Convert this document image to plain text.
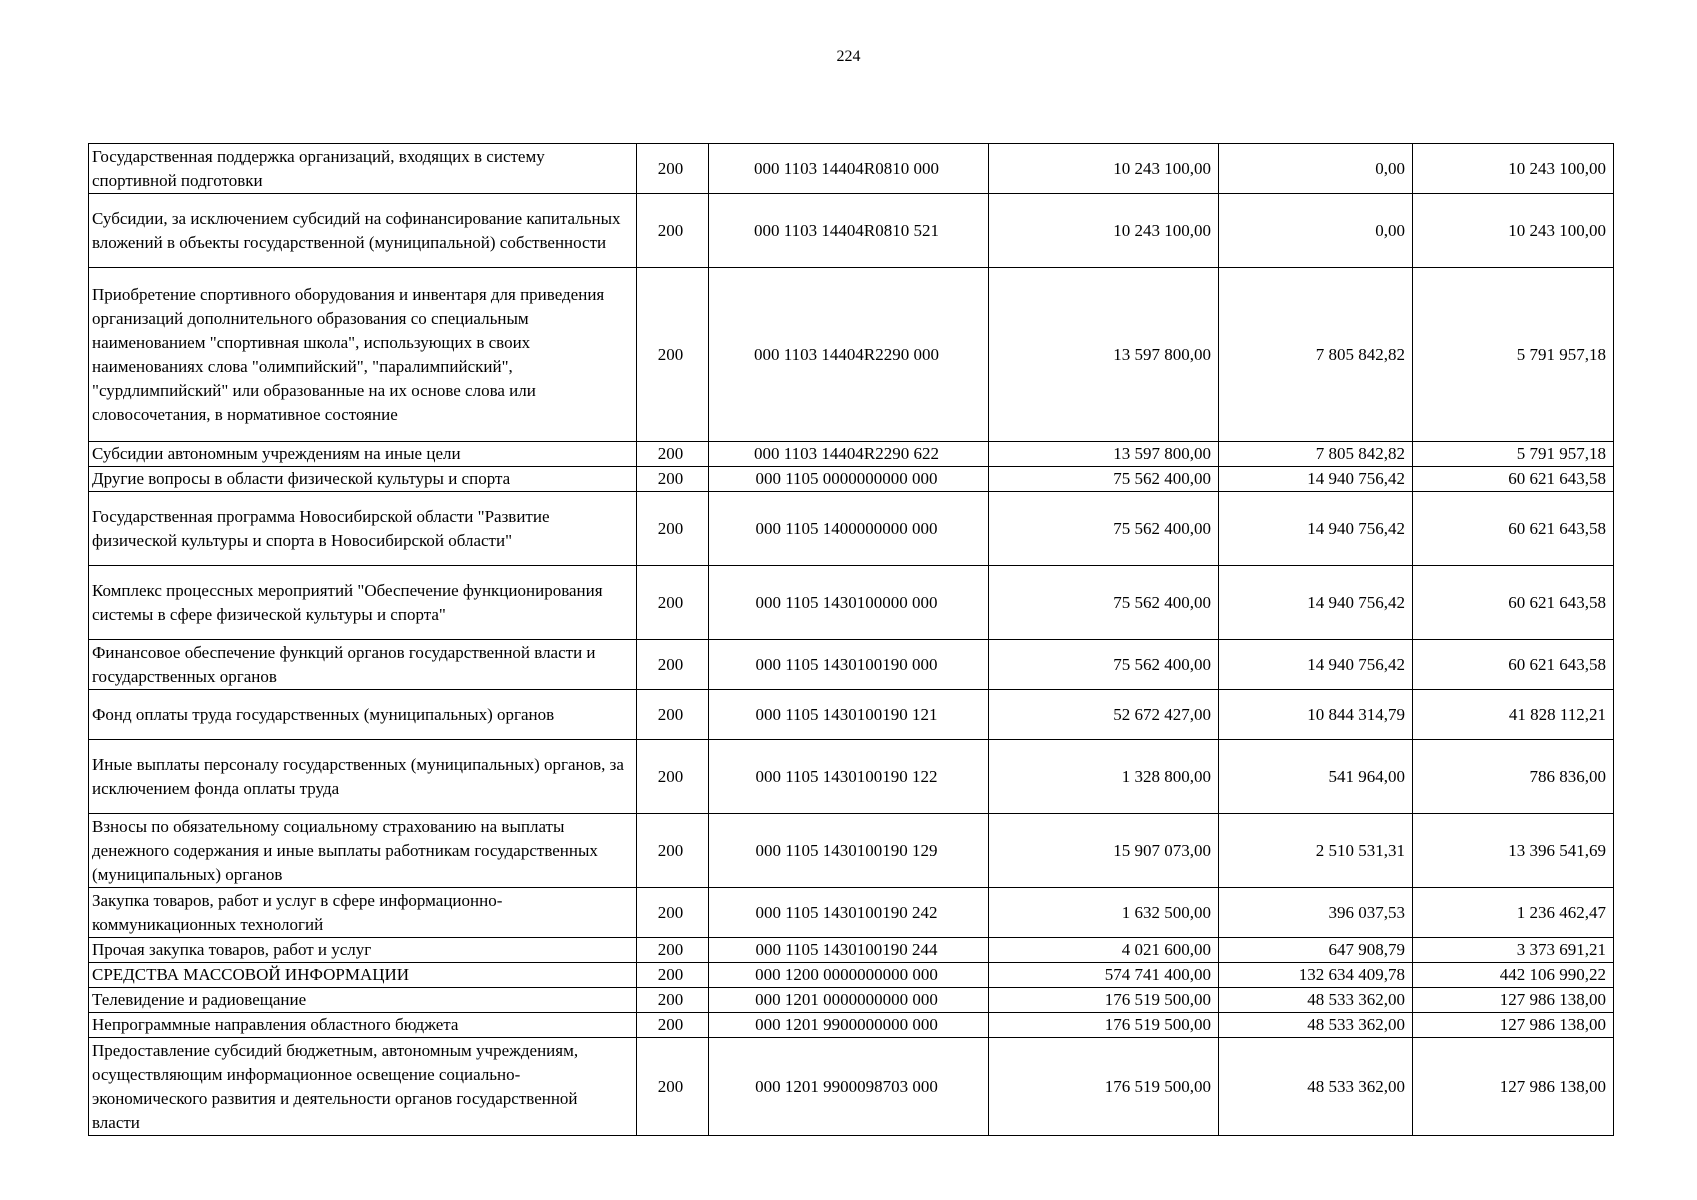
224
Государственная поддержка организаций, входящих в систему спортивной подготовки	200	000 1103 14404R0810 000	10 243 100,00	0,00	10 243 100,00
Субсидии, за исключением субсидий на софинансирование капитальных вложений в объекты государственной (муниципальной) собственности	200	000 1103 14404R0810 521	10 243 100,00	0,00	10 243 100,00
Приобретение спортивного оборудования и инвентаря для приведения организаций дополнительного образования со специальным наименованием "спортивная школа", использующих в своих наименованиях слова "олимпийский", "паралимпийский", "сурдлимпийский" или образованные на их основе слова или словосочетания, в нормативное состояние	200	000 1103 14404R2290 000	13 597 800,00	7 805 842,82	5 791 957,18
Субсидии автономным учреждениям на иные цели	200	000 1103 14404R2290 622	13 597 800,00	7 805 842,82	5 791 957,18
Другие вопросы в области физической культуры и спорта	200	000 1105 0000000000 000	75 562 400,00	14 940 756,42	60 621 643,58
Государственная программа Новосибирской области "Развитие физической культуры и спорта в Новосибирской области"	200	000 1105 1400000000 000	75 562 400,00	14 940 756,42	60 621 643,58
Комплекс процессных мероприятий "Обеспечение функционирования системы в сфере физической культуры и спорта"	200	000 1105 1430100000 000	75 562 400,00	14 940 756,42	60 621 643,58
Финансовое обеспечение функций органов государственной власти и государственных органов	200	000 1105 1430100190 000	75 562 400,00	14 940 756,42	60 621 643,58
Фонд оплаты труда государственных (муниципальных) органов	200	000 1105 1430100190 121	52 672 427,00	10 844 314,79	41 828 112,21
Иные выплаты персоналу государственных (муниципальных) органов, за исключением фонда оплаты труда	200	000 1105 1430100190 122	1 328 800,00	541 964,00	786 836,00
Взносы по обязательному социальному страхованию на выплаты денежного содержания и иные выплаты работникам государственных (муниципальных) органов	200	000 1105 1430100190 129	15 907 073,00	2 510 531,31	13 396 541,69
Закупка товаров, работ и услуг в сфере информационно-коммуникационных технологий	200	000 1105 1430100190 242	1 632 500,00	396 037,53	1 236 462,47
Прочая закупка товаров, работ и услуг	200	000 1105 1430100190 244	4 021 600,00	647 908,79	3 373 691,21
СРЕДСТВА МАССОВОЙ ИНФОРМАЦИИ	200	000 1200 0000000000 000	574 741 400,00	132 634 409,78	442 106 990,22
Телевидение и радиовещание	200	000 1201 0000000000 000	176 519 500,00	48 533 362,00	127 986 138,00
Непрограммные направления областного бюджета	200	000 1201 9900000000 000	176 519 500,00	48 533 362,00	127 986 138,00
Предоставление субсидий бюджетным, автономным учреждениям, осуществляющим информационное освещение социально-экономического развития и деятельности органов государственной власти	200	000 1201 9900098703 000	176 519 500,00	48 533 362,00	127 986 138,00
